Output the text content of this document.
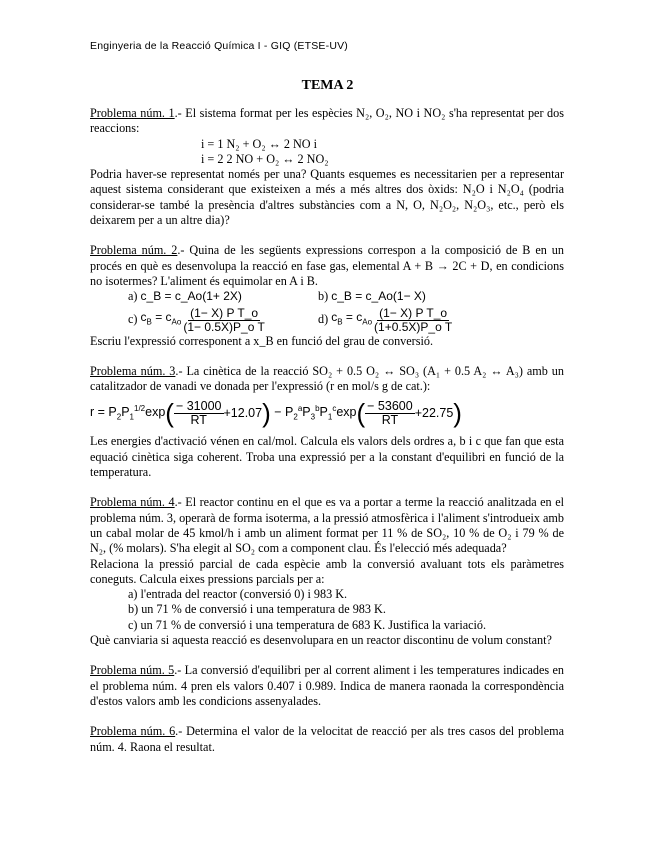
Enginyeria de la Reacció Química I - GIQ (ETSE-UV)
TEMA 2

Problema núm. 1.- El sistema format per les espècies N₂, O₂, NO i NO₂ s'ha representat per dos reaccions:

i = 1 N₂ + O₂ ↔ 2 NO i
i = 2 2 NO + O₂ ↔ 2 NO₂

Podria haver-se representat només per una? Quants esquemes es necessitarien per a representar aquest sistema considerant que existeixen a més a més altres dos òxids: N₂O i N₂O₄ (podria considerar-se també la presència d'altres substàncies com a N, O, N₂O₂, N₂O₃, etc., però els deixarem per a un altre dia)?

Problema núm. 2.- Quina de les següents expressions correspon a la composició de B en un procés en què es desenvolupa la reacció en fase gas, elemental A + B → 2C + D, en condicions no isotermes? L'aliment és equimolar en A i B.

a) c_B = c_Ao(1+ 2X)	b) c_B = c_Ao(1− X)
c)
$c_B = c_{Ao} \frac{\text{(1− X) P T\_o}}{\text{(1− 0.5X)P\_o T}}$	d)
$c_B = c_{Ao} \frac{\text{(1− X) P T\_o}}{\text{(1+0.5X)P\_o T}}$

Escriu l'expressió corresponent a x_B en funció del grau de conversió.

Problema núm. 3.- La cinètica de la reacció SO₂ + 0.5 O₂ ↔ SO₃ (A₁ + 0.5 A₂ ↔ A₃) amb un catalitzador de vanadi ve donada per l'expressió (r en mol/s g de cat.):

$r = P_2P_1^{1/2}\exp$ ( $\frac{- 31000}{RT} +12.07$ ) − $P_2^aP_3^bP_1^c\exp$ ( $\frac{- 53600}{RT} +22.75$ )

Les energies d'activació vénen en cal/mol. Calcula els valors dels ordres a, b i c que fan que esta equació cinètica siga coherent. Troba una expressió per a la constant d'equilibri en funció de la temperatura.

Problema núm. 4.- El reactor continu en el que es va a portar a terme la reacció analitzada en el problema núm. 3, operarà de forma isoterma, a la pressió atmosfèrica i l'aliment s'introdueix amb un cabal molar de 45 kmol/h i amb un aliment format per 11 % de SO₂, 10 % de O₂ i 79 % de N₂, (% molars). S'ha elegit al SO₂ com a component clau. És l'elecció més adequada?

Relaciona la pressió parcial de cada espècie amb la conversió avaluant tots els paràmetres coneguts. Calcula eixes pressions parcials per a:

a) l'entrada del reactor (conversió 0) i 983 K.
b) un 71 % de conversió i una temperatura de 983 K.
c) un 71 % de conversió i una temperatura de 683 K. Justifica la variació.

Què canviaria si aquesta reacció es desenvolupara en un reactor discontinu de volum constant?

Problema núm. 5.- La conversió d'equilibri per al corrent aliment i les temperatures indicades en el problema núm. 4 pren els valors 0.407 i 0.989. Indica de manera raonada la correspondència d'estos valors amb les condicions assenyalades.

Problema núm. 6.- Determina el valor de la velocitat de reacció per als tres casos del problema núm. 4. Raona el resultat.
